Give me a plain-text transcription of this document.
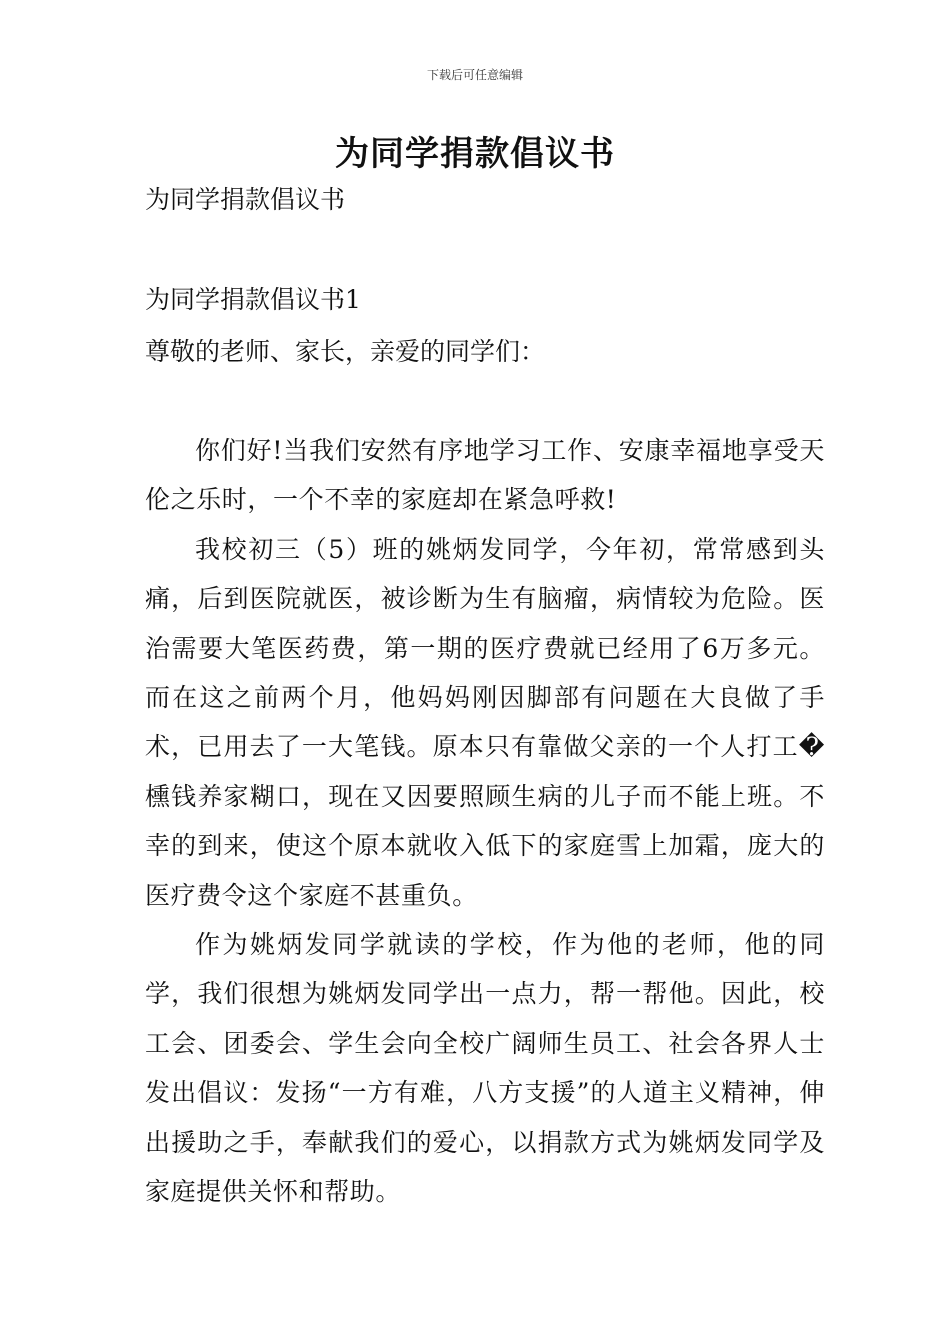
下载后可任意编辑
为同学捐款倡议书
为同学捐款倡议书
为同学捐款倡议书1
尊敬的老师、家长，亲爱的同学们：

你们好!当我们安然有序地学习工作、安康幸福地享受天伦之乐时，一个不幸的家庭却在紧急呼救!

我校初三（5）班的姚炳发同学，今年初，常常感到头痛，后到医院就医，被诊断为生有脑瘤，病情较为危险。医治需要大笔医药费，第一期的医疗费就已经用了6万多元。而在这之前两个月，他妈妈刚因脚部有问题在大良做了手术，已用去了一大笔钱。原本只有靠做父亲的一个人打工�櫄钱养家糊口，现在又因要照顾生病的儿子而不能上班。不幸的到来，使这个原本就收入低下的家庭雪上加霜，庞大的医疗费令这个家庭不甚重负。

作为姚炳发同学就读的学校，作为他的老师，他的同学，我们很想为姚炳发同学出一点力，帮一帮他。因此，校工会、团委会、学生会向全校广阔师生员工、社会各界人士发出倡议：发扬“一方有难，八方支援”的人道主义精神，伸出援助之手，奉献我们的爱心，以捐款方式为姚炳发同学及家庭提供关怀和帮助。
